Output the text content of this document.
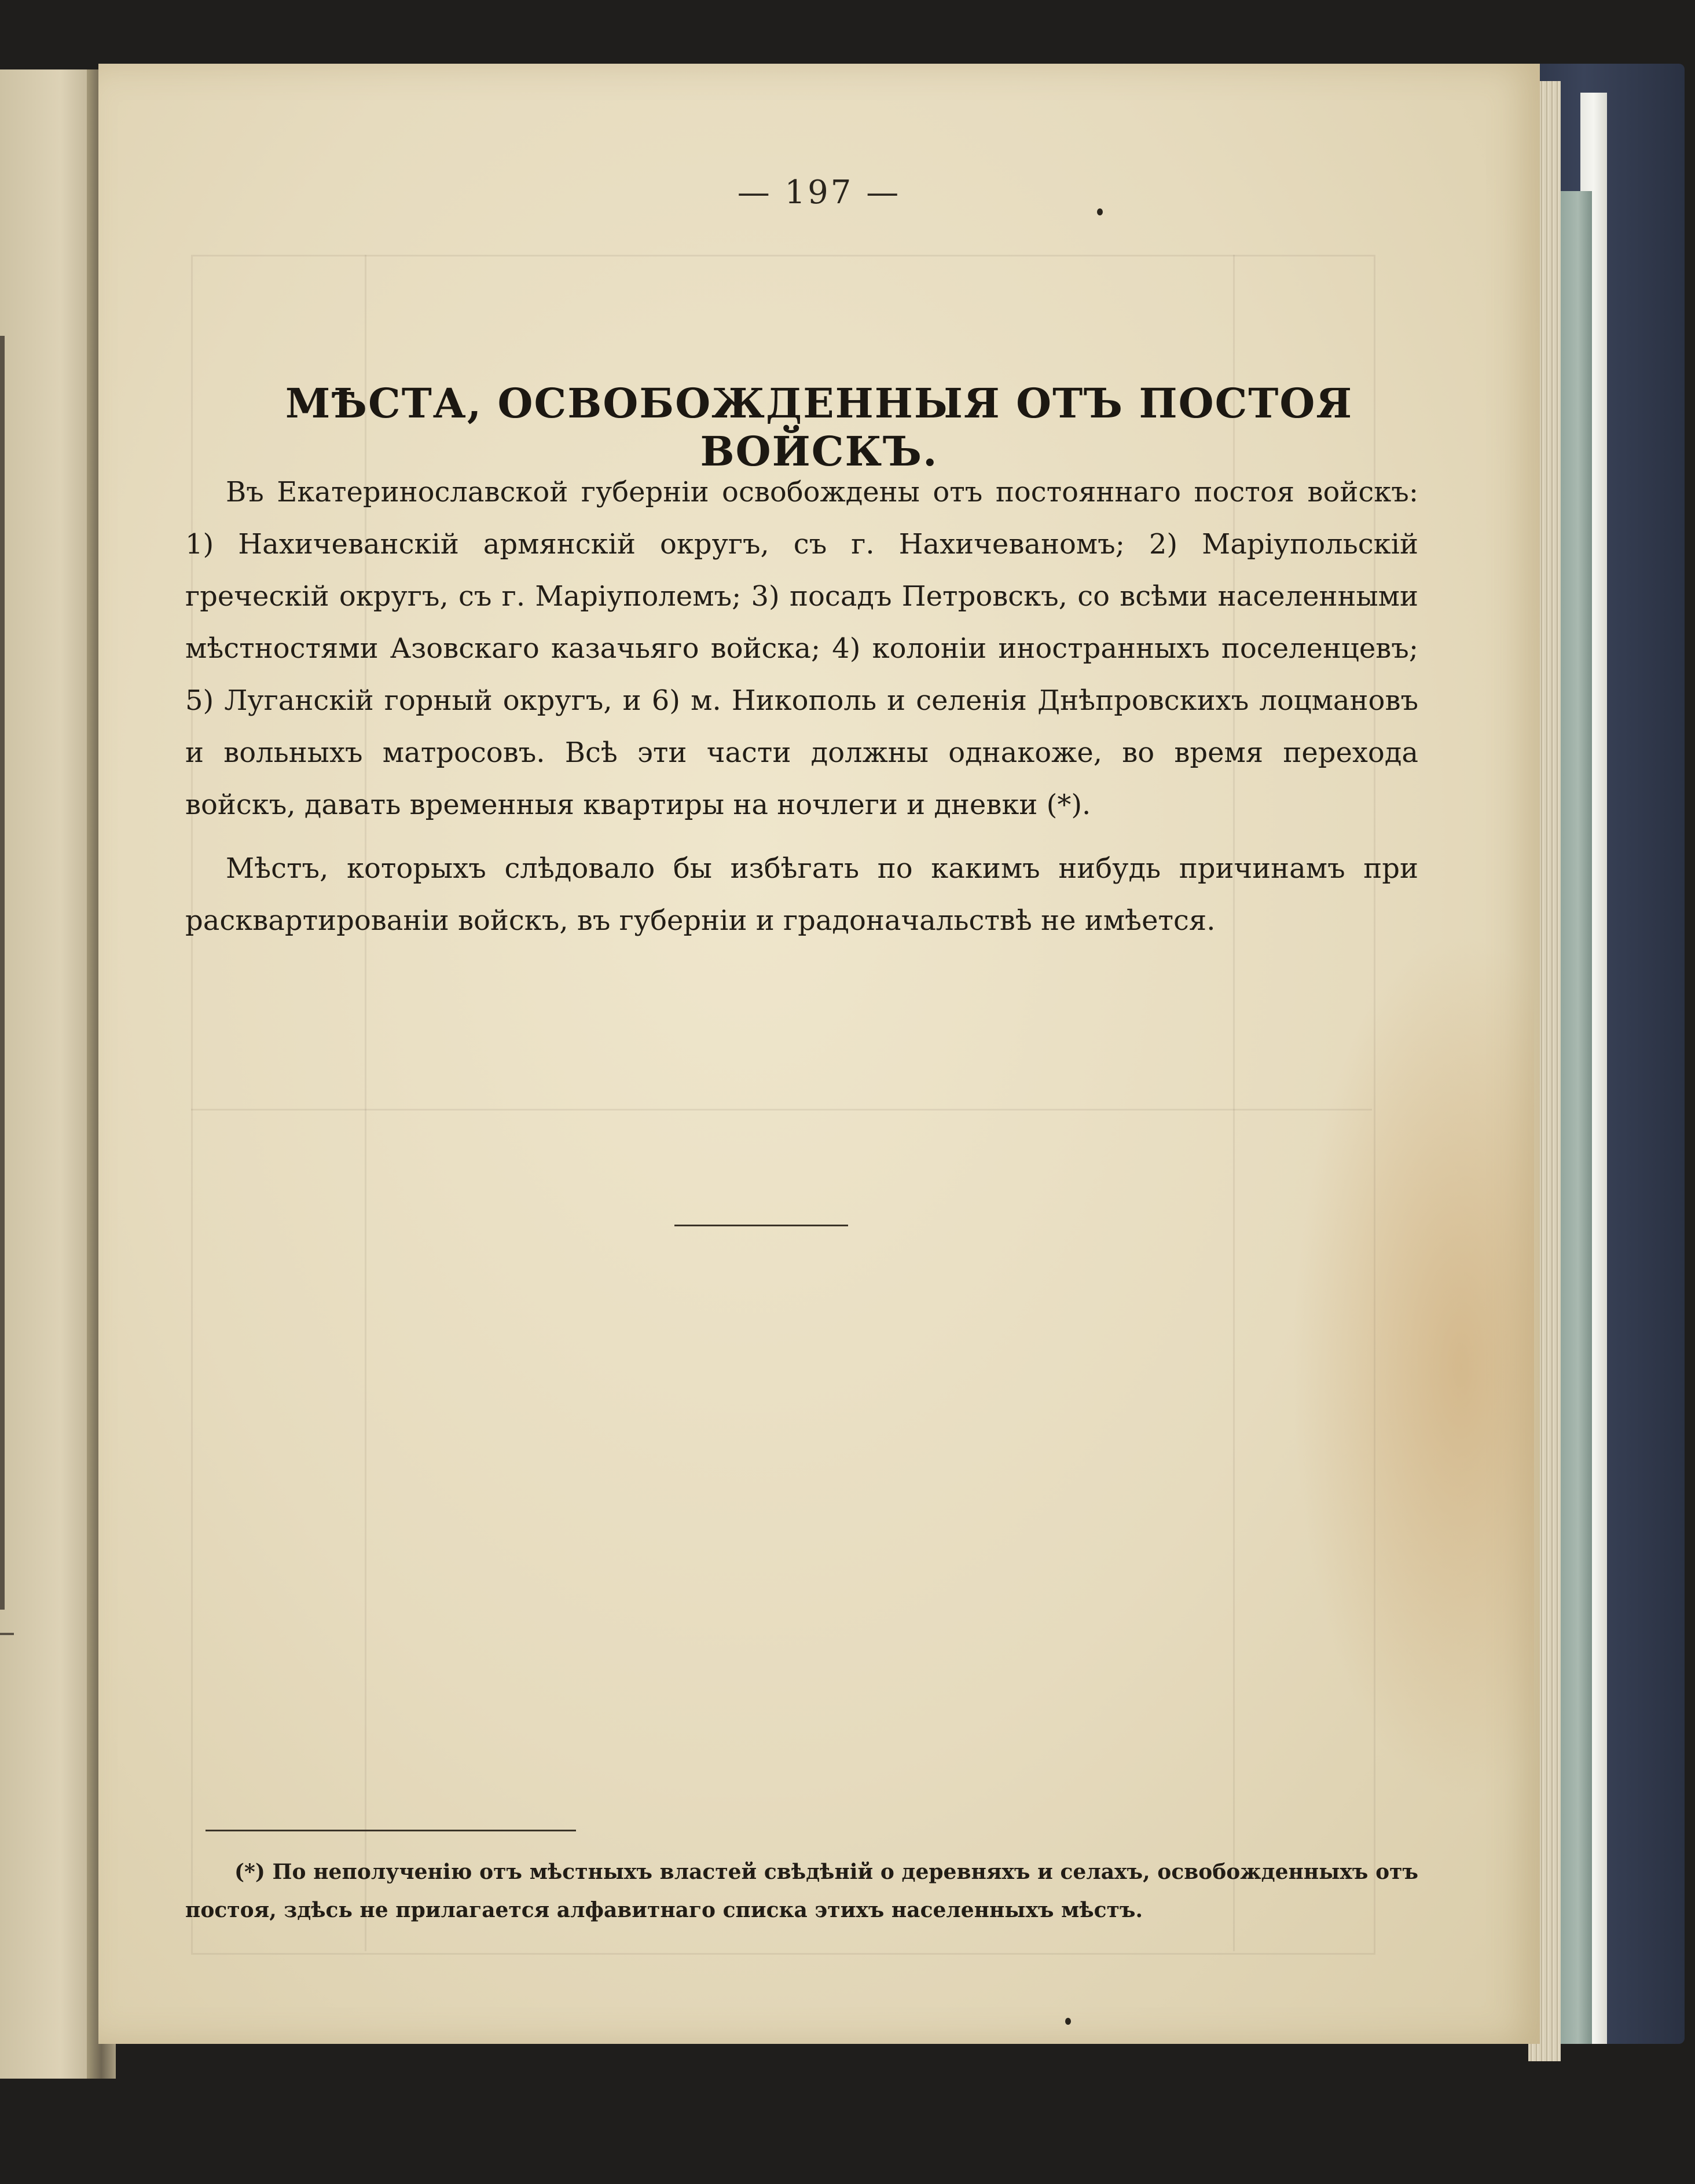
— 197 —
МѢСТА, ОСВОБОЖДЕННЫЯ ОТЪ ПОСТОЯ ВОЙСКЪ.

Въ Екатеринославской губерніи освобождены отъ постояннаго постоя войскъ: 1) Нахичеванскій армянскій округъ, съ г. Нахичеваномъ; 2) Маріупольскій греческій округъ, съ г. Маріуполемъ; 3) посадъ Петровскъ, со всѣми населенными мѣстностями Азовскаго казачьяго войска; 4) колоніи иностранныхъ поселенцевъ; 5) Луганскій горный округъ, и 6) м. Никополь и селенія Днѣпровскихъ лоцмановъ и вольныхъ матросовъ. Всѣ эти части должны однакоже, во время перехода войскъ, давать временныя квартиры на ночлеги и дневки (*).

Мѣстъ, которыхъ слѣдовало бы избѣгать по какимъ нибудь причинамъ при расквартированіи войскъ, въ губерніи и градоначальствѣ не имѣется.

(*) По неполученію отъ мѣстныхъ властей свѣдѣній о деревняхъ и селахъ, освобожденныхъ отъ постоя, здѣсь не прилагается алфавитнаго списка этихъ населенныхъ мѣстъ.
